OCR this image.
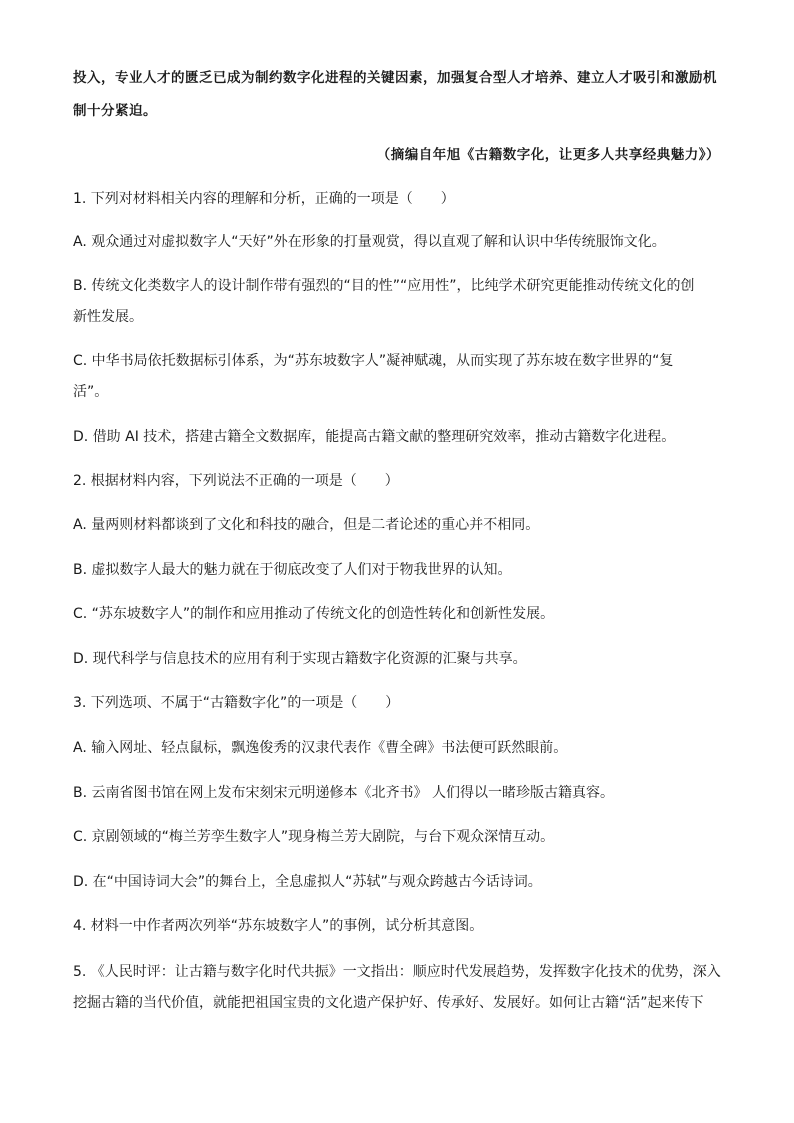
投入，专业人才的匮乏已成为制约数字化进程的关键因素，加强复合型人才培养、建立人才吸引和激励机
制十分紧迫。
（摘编自年旭《古籍数字化，让更多人共享经典魅力》）
1. 下列对材料相关内容的理解和分析，正确的一项是（　　）
A. 观众通过对虚拟数字人“天好”外在形象的打量观赏，得以直观了解和认识中华传统服饰文化。
B. 传统文化类数字人的设计制作带有强烈的“目的性”“应用性”，比纯学术研究更能推动传统文化的创
新性发展。
C. 中华书局依托数据标引体系，为“苏东坡数字人”凝神赋魂，从而实现了苏东坡在数字世界的“复
活”。
D. 借助 AI 技术，搭建古籍全文数据库，能提高古籍文献的整理研究效率，推动古籍数字化进程。
2. 根据材料内容，下列说法不正确的一项是（　　）
A. 量两则材料都谈到了文化和科技的融合，但是二者论述的重心并不相同。
B. 虚拟数字人最大的魅力就在于彻底改变了人们对于物我世界的认知。
C. “苏东坡数字人”的制作和应用推动了传统文化的创造性转化和创新性发展。
D. 现代科学与信息技术的应用有利于实现古籍数字化资源的汇聚与共享。
3. 下列选项、不属于“古籍数字化”的一项是（　　）
A. 输入网址、轻点鼠标，飘逸俊秀的汉隶代表作《曹全碑》书法便可跃然眼前。
B. 云南省图书馆在网上发布宋刻宋元明递修本《北齐书》 人们得以一睹珍版古籍真容。
C. 京剧领域的“梅兰芳孪生数字人”现身梅兰芳大剧院，与台下观众深情互动。
D. 在“中国诗词大会”的舞台上，全息虚拟人“苏轼”与观众跨越古今话诗词。
4. 材料一中作者两次列举“苏东坡数字人”的事例，试分析其意图。
5. 《人民时评：让古籍与数字化时代共振》一文指出：顺应时代发展趋势，发挥数字化技术的优势，深入
挖掘古籍的当代价值，就能把祖国宝贵的文化遗产保护好、传承好、发展好。如何让古籍“活”起来传下
